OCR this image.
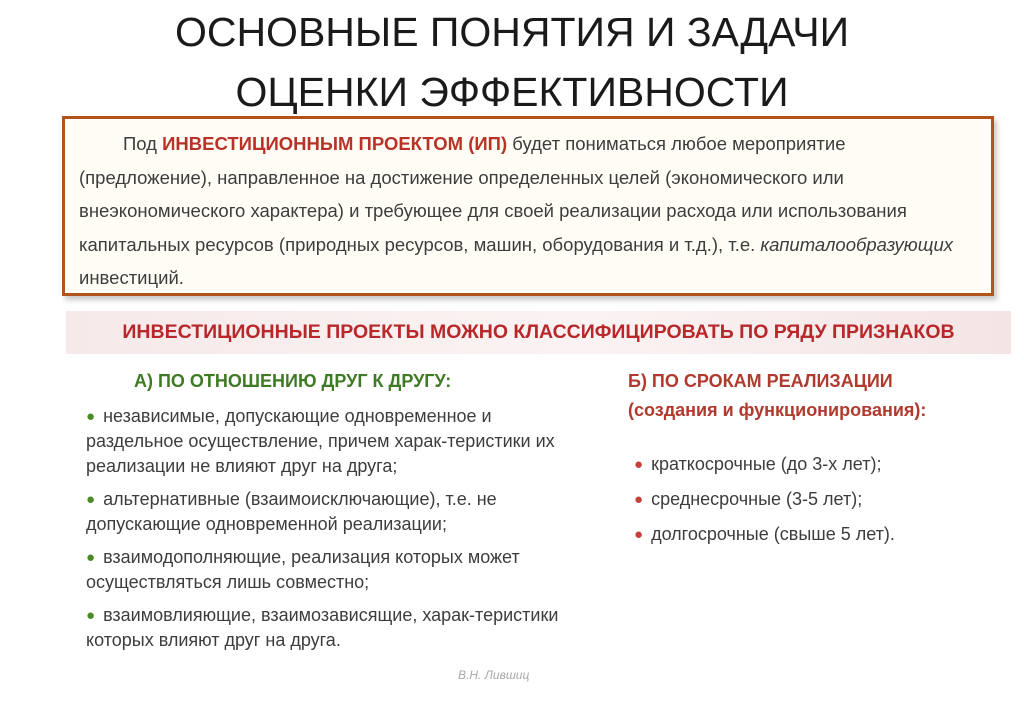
ОСНОВНЫЕ ПОНЯТИЯ И ЗАДАЧИ
ОЦЕНКИ ЭФФЕКТИВНОСТИ
Под ИНВЕСТИЦИОННЫМ ПРОЕКТОМ (ИП) будет пониматься любое мероприятие (предложение), направленное на достижение определенных целей (экономического или внеэкономического характера) и требующее для своей реализации расхода или использования капитальных ресурсов (природных ресурсов, машин, оборудования и т.д.), т.е. капиталообразующих инвестиций.
ИНВЕСТИЦИОННЫЕ ПРОЕКТЫ МОЖНО КЛАССИФИЦИРОВАТЬ ПО РЯДУ ПРИЗНАКОВ
А) ПО ОТНОШЕНИЮ ДРУГ К ДРУГУ:
● независимые, допускающие одновременное и раздельное осуществление, причем харак-теристики их реализации не влияют друг на друга;
● альтернативные (взаимоисключающие), т.е. не допускающие одновременной реализации;
● взаимодополняющие, реализация которых может осуществляться лишь совместно;
● взаимовлияющие, взаимозависящие, харак-теристики которых влияют друг на друга.
Б) ПО СРОКАМ РЕАЛИЗАЦИИ
(создания и функционирования):
● краткосрочные (до 3-х лет);
● среднесрочные (3-5 лет);
● долгосрочные (свыше 5 лет).
В.Н. Лившиц
